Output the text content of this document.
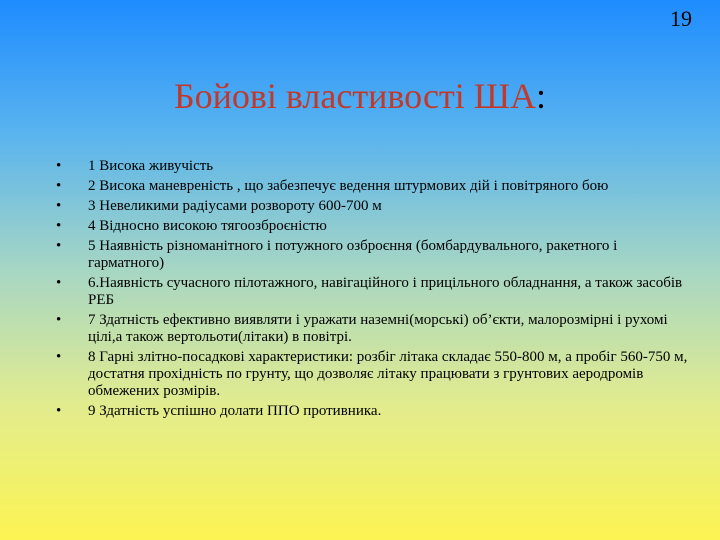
19
Бойові властивості ША:
• 1 Висока живучість
• 2 Висока маневреність , що забезпечує ведення штурмових дій і повітряного бою
• 3 Невеликими радіусами розвороту 600-700 м
• 4 Відносно високою тягоозброєністю
• 5 Наявність різноманітного і потужного озброєння (бомбардувального, ракетного і гарматного)
• 6.Наявність сучасного пілотажного, навігаційного і прицільного обладнання, а також засобів РЕБ
• 7 Здатність ефективно виявляти і уражати наземні(морські) об’єкти, малорозмірні і рухомі цілі,а також вертольоти(літаки) в повітрі.
• 8 Гарні злітно-посадкові характеристики: розбіг літака складає 550-800 м, а пробіг 560-750 м, достатня прохідність по грунту, що дозволяє літаку працювати з грунтових аеродромів обмежених розмірів.
• 9 Здатність успішно долати ППО противника.
